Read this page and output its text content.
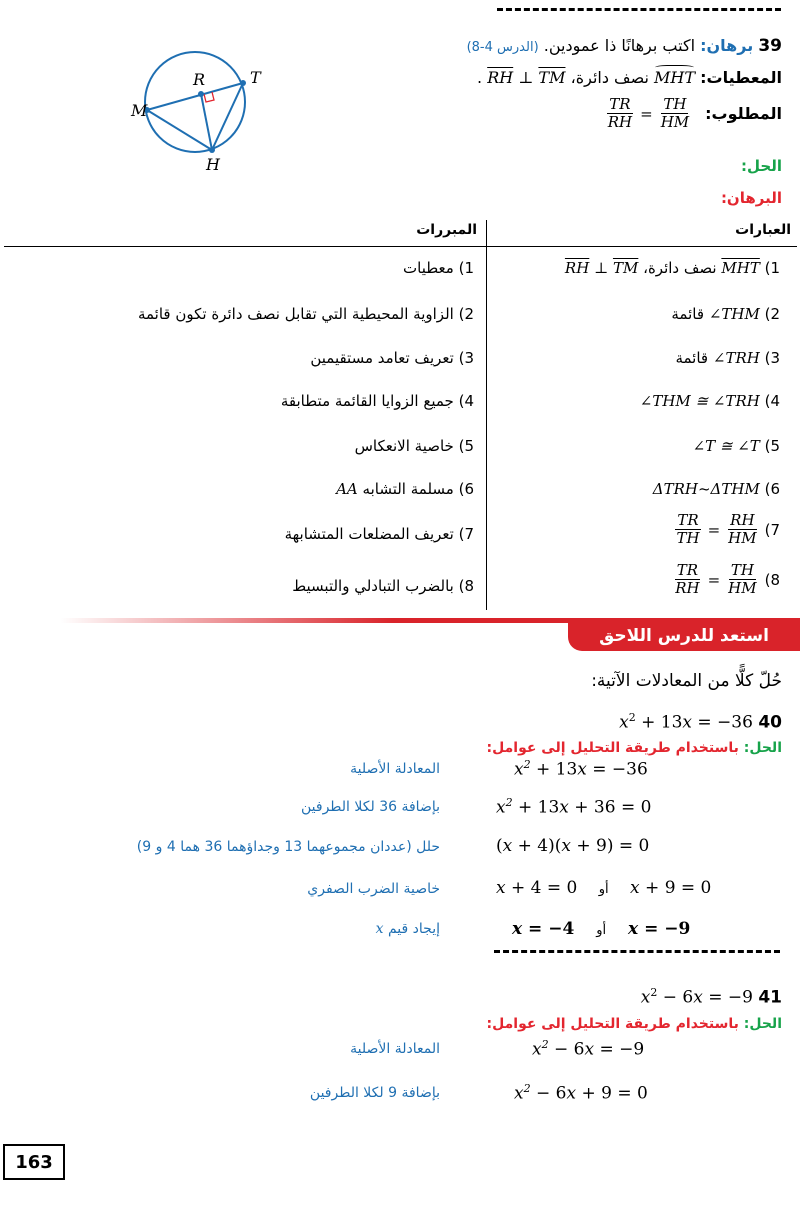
M
R	T
H
39 برهان: اكتب برهانًا ذا عمودين. (الدرس 4-8)
المعطيات:
MHT نصف دائرة، $\overline{RH}$ ⊥ $\overline{TM}$ .
المطلوب:
$\frac{TR}{RH} = \frac{TH}{HM}$
الحل:
البرهان:
العبارات
المبررات
1) $\overline{MHT}$ نصف دائرة، $\overline{RH}$ ⊥ $\overline{TM}$
2) ∠THM قائمة
3) ∠TRH قائمة
4) ∠THM ≅ ∠TRH
5) ∠T ≅ ∠T
6) ΔTRH~ΔTHM
$\frac{TR}{TH} = \frac{RH}{HM} (7$
$\frac{TR}{RH} = \frac{TH}{HM} (8$
1) معطيات
2) الزاوية المحيطية التي تقابل نصف دائرة تكون قائمة
3) تعريف تعامد مستقيمين
4) جميع الزوايا القائمة متطابقة
5) خاصية الانعكاس
6) مسلمة التشابه AA
7) تعريف المضلعات المتشابهة
8) بالضرب التبادلي والتبسيط
استعد للدرس اللاحق
حُلّ كلًّا من المعادلات الآتية:
$x^2 + 13x = -36$ 40
الحل: باستخدام طريقة التحليل إلى عوامل:
$x^2 + 13x = -36$
$x^2 + 13x + 36 = 0$
(x + 4)(x + 9) = 0
x + 4 = 0 أو x + 9 = 0
x = −4 أو x = −9
المعادلة الأصلية
بإضافة 36 لكلا الطرفين
حلل (عددان مجموعهما 13 وجداؤهما 36 هما 4 و 9)
خاصية الضرب الصفري
إيجاد قيم x
$x^2 - 6x = -9$ 41
الحل: باستخدام طريقة التحليل إلى عوامل:
$x^2 - 6x = -9$
$x^2 - 6x + 9 = 0$
المعادلة الأصلية
بإضافة 9 لكلا الطرفين
163
